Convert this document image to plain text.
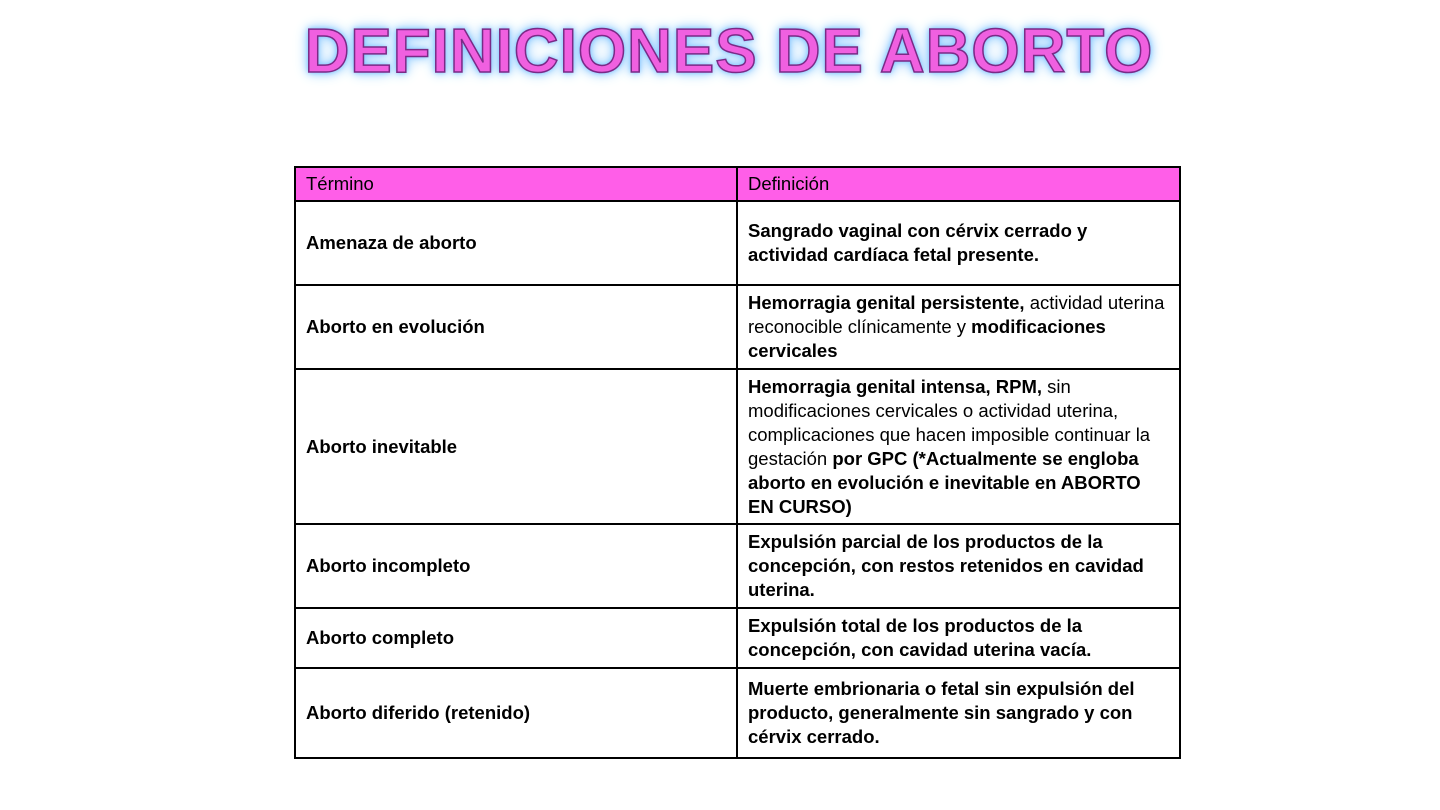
DEFINICIONES DE ABORTO
Término	Definición
Amenaza de aborto	Sangrado vaginal con cérvix cerrado y actividad cardíaca fetal presente.
Aborto en evolución	Hemorragia genital persistente, actividad uterina reconocible clínicamente y modificaciones cervicales
Aborto inevitable	Hemorragia genital intensa, RPM, sin modificaciones cervicales o actividad uterina, complicaciones que hacen imposible continuar la gestación por GPC (*Actualmente se engloba aborto en evolución e inevitable en ABORTO EN CURSO)
Aborto incompleto	Expulsión parcial de los productos de la concepción, con restos retenidos en cavidad uterina.
Aborto completo	Expulsión total de los productos de la concepción, con cavidad uterina vacía.
Aborto diferido (retenido)	Muerte embrionaria o fetal sin expulsión del producto, generalmente sin sangrado y con cérvix cerrado.
